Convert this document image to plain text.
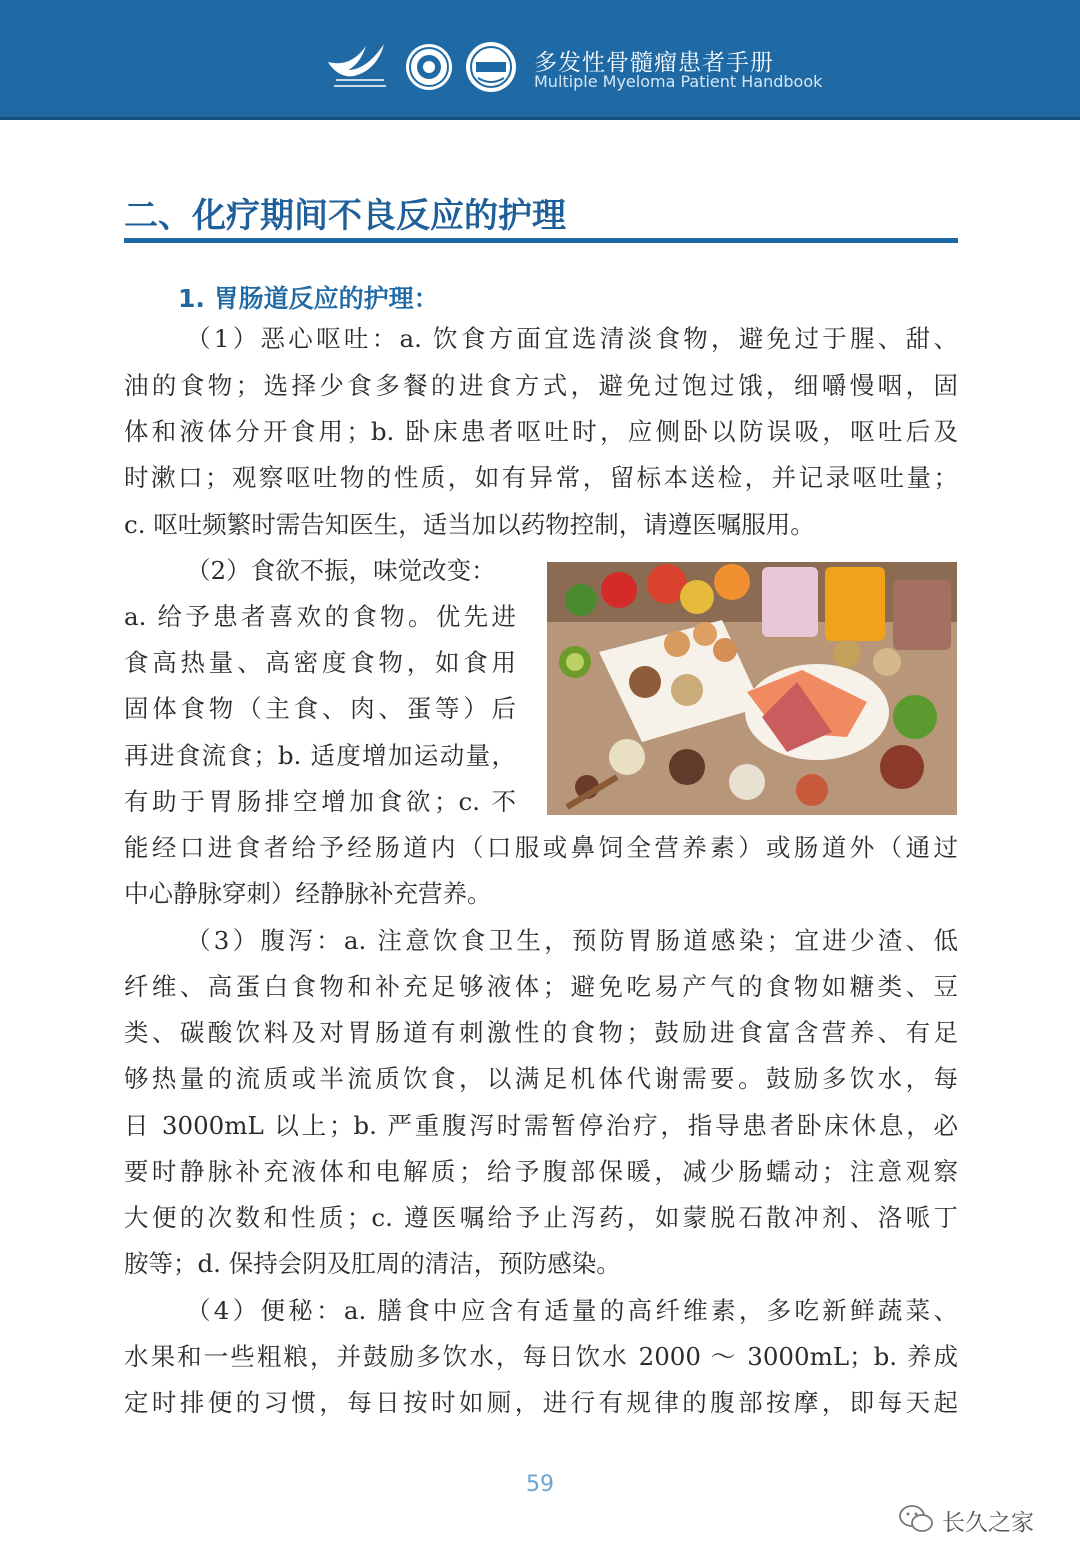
多发性骨髓瘤患者手册
Multiple Myeloma Patient Handbook
二、化疗期间不良反应的护理
1. 胃肠道反应的护理：
（1）恶心呕吐：a. 饮食方面宜选清淡食物，避免过于腥、甜、
油的食物；选择少食多餐的进食方式，避免过饱过饿，细嚼慢咽，固
体和液体分开食用；b. 卧床患者呕吐时，应侧卧以防误吸，呕吐后及
时漱口；观察呕吐物的性质，如有异常，留标本送检，并记录呕吐量；
c. 呕吐频繁时需告知医生，适当加以药物控制，请遵医嘱服用。
（2）食欲不振，味觉改变：
a. 给予患者喜欢的食物。优先进
食高热量、高密度食物，如食用
固体食物（主食、肉、蛋等）后
再进食流食；b. 适度增加运动量，
有助于胃肠排空增加食欲；c. 不
能经口进食者给予经肠道内（口服或鼻饲全营养素）或肠道外（通过
中心静脉穿刺）经静脉补充营养。
（3）腹泻：a. 注意饮食卫生，预防胃肠道感染；宜进少渣、低
纤维、高蛋白食物和补充足够液体；避免吃易产气的食物如糖类、豆
类、碳酸饮料及对胃肠道有刺激性的食物；鼓励进食富含营养、有足
够热量的流质或半流质饮食，以满足机体代谢需要。鼓励多饮水，每
日 3000mL 以上；b. 严重腹泻时需暂停治疗，指导患者卧床休息，必
要时静脉补充液体和电解质；给予腹部保暖，减少肠蠕动；注意观察
大便的次数和性质；c. 遵医嘱给予止泻药，如蒙脱石散冲剂、洛哌丁
胺等；d. 保持会阴及肛周的清洁，预防感染。
（4）便秘：a. 膳食中应含有适量的高纤维素，多吃新鲜蔬菜、
水果和一些粗粮，并鼓励多饮水，每日饮水 2000 ～ 3000mL；b. 养成
定时排便的习惯，每日按时如厕，进行有规律的腹部按摩，即每天起
59
长久之家
